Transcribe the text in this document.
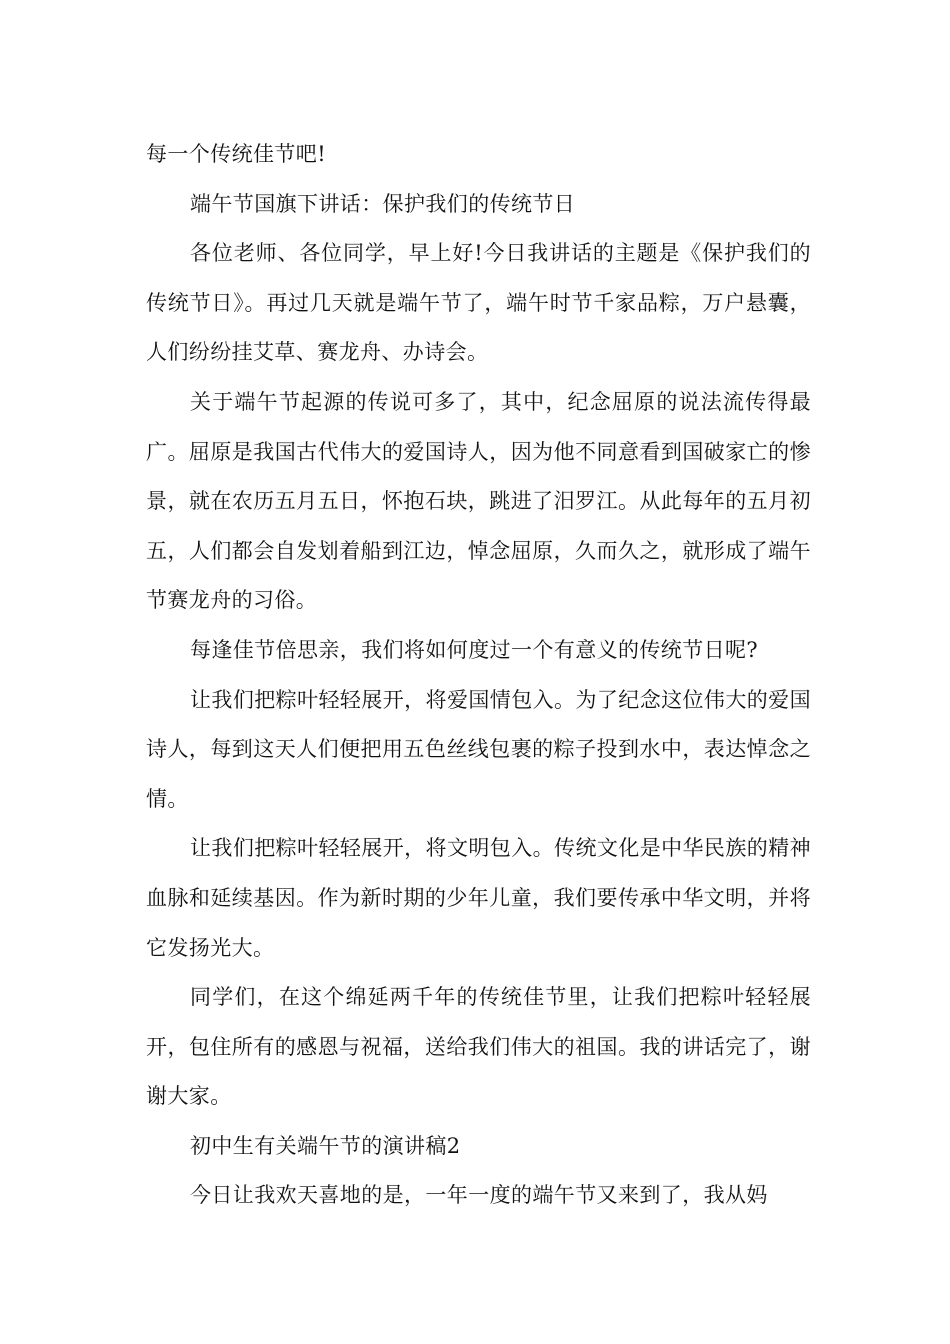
每一个传统佳节吧!

端午节国旗下讲话：保护我们的传统节日

各位老师、各位同学，早上好!今日我讲话的主题是《保护我们的传统节日》。再过几天就是端午节了，端午时节千家品粽，万户悬囊，人们纷纷挂艾草、赛龙舟、办诗会。

关于端午节起源的传说可多了，其中，纪念屈原的说法流传得最广。屈原是我国古代伟大的爱国诗人，因为他不同意看到国破家亡的惨景，就在农历五月五日，怀抱石块，跳进了汨罗江。从此每年的五月初五，人们都会自发划着船到江边，悼念屈原，久而久之，就形成了端午节赛龙舟的习俗。

每逢佳节倍思亲，我们将如何度过一个有意义的传统节日呢?

让我们把粽叶轻轻展开，将爱国情包入。为了纪念这位伟大的爱国诗人，每到这天人们便把用五色丝线包裹的粽子投到水中，表达悼念之情。

让我们把粽叶轻轻展开，将文明包入。传统文化是中华民族的精神血脉和延续基因。作为新时期的少年儿童，我们要传承中华文明，并将它发扬光大。

同学们，在这个绵延两千年的传统佳节里，让我们把粽叶轻轻展开，包住所有的感恩与祝福，送给我们伟大的祖国。我的讲话完了，谢谢大家。

初中生有关端午节的演讲稿2

今日让我欢天喜地的是，一年一度的端午节又来到了，我从妈
